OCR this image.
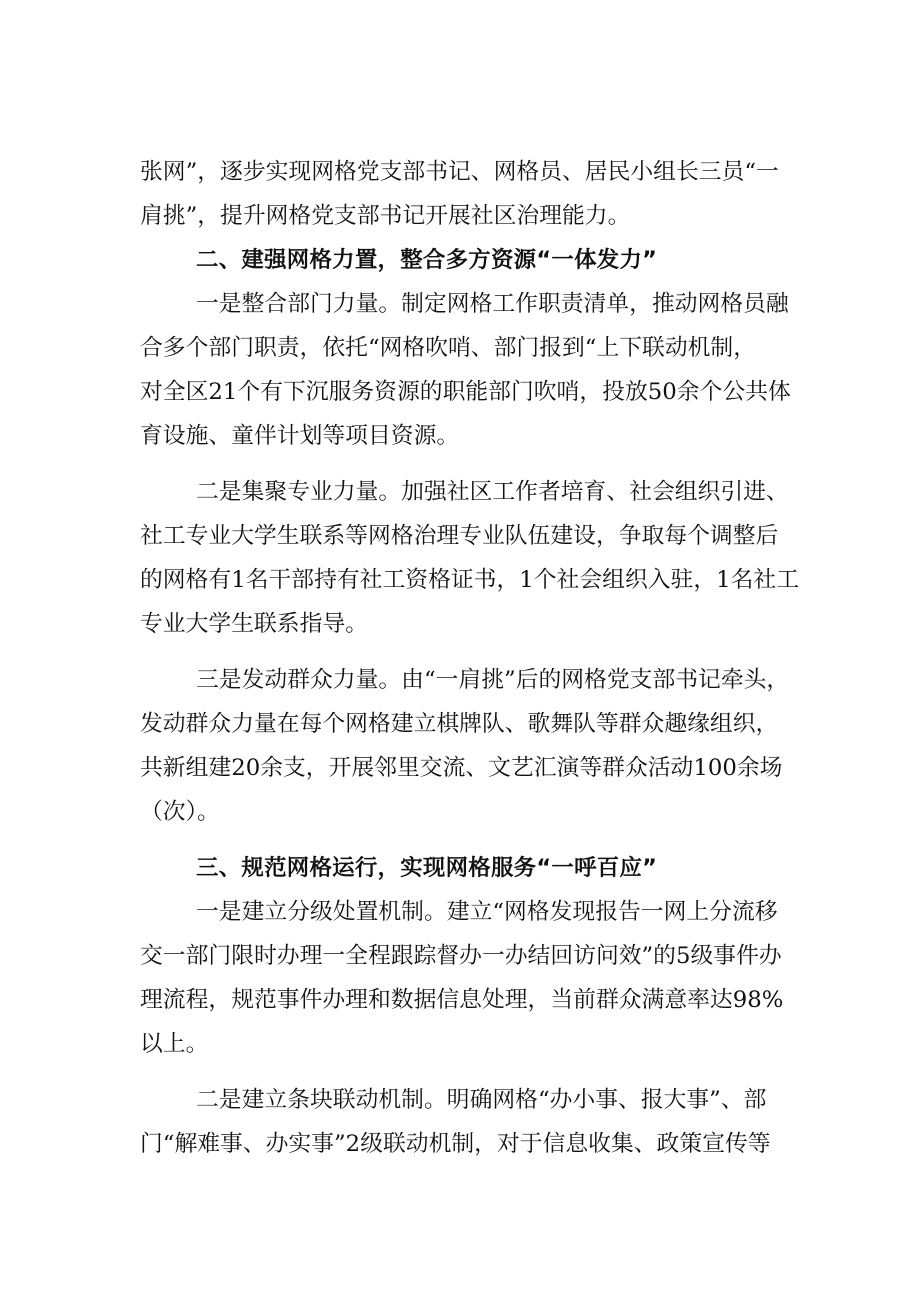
张网”，逐步实现网格党支部书记、网格员、居民小组长三员“一
肩挑”，提升网格党支部书记开展社区治理能力。
二、建强网格力置，整合多方资源“一体发力”
一是整合部门力量。制定网格工作职责清单，推动网格员融
合多个部门职责，依托“网格吹哨、部门报到“上下联动机制，
对全区21个有下沉服务资源的职能部门吹哨，投放50余个公共体
育设施、童伴计划等项目资源。
二是集聚专业力量。加强社区工作者培育、社会组织引进、
社工专业大学生联系等网格治理专业队伍建设，争取每个调整后
的网格有1名干部持有社工资格证书，1个社会组织入驻，1名社工
专业大学生联系指导。
三是发动群众力量。由“一肩挑”后的网格党支部书记牵头，
发动群众力量在每个网格建立棋牌队、歌舞队等群众趣缘组织，
共新组建20余支，开展邻里交流、文艺汇演等群众活动100余场
（次）。
三、规范网格运行，实现网格服务“一呼百应”
一是建立分级处置机制。建立“网格发现报告一网上分流移
交一部门限时办理一全程跟踪督办一办结回访问效”的5级事件办
理流程，规范事件办理和数据信息处理，当前群众满意率达98%
以上。
二是建立条块联动机制。明确网格“办小事、报大事”、部
门“解难事、办实事”2级联动机制，对于信息收集、政策宣传等
